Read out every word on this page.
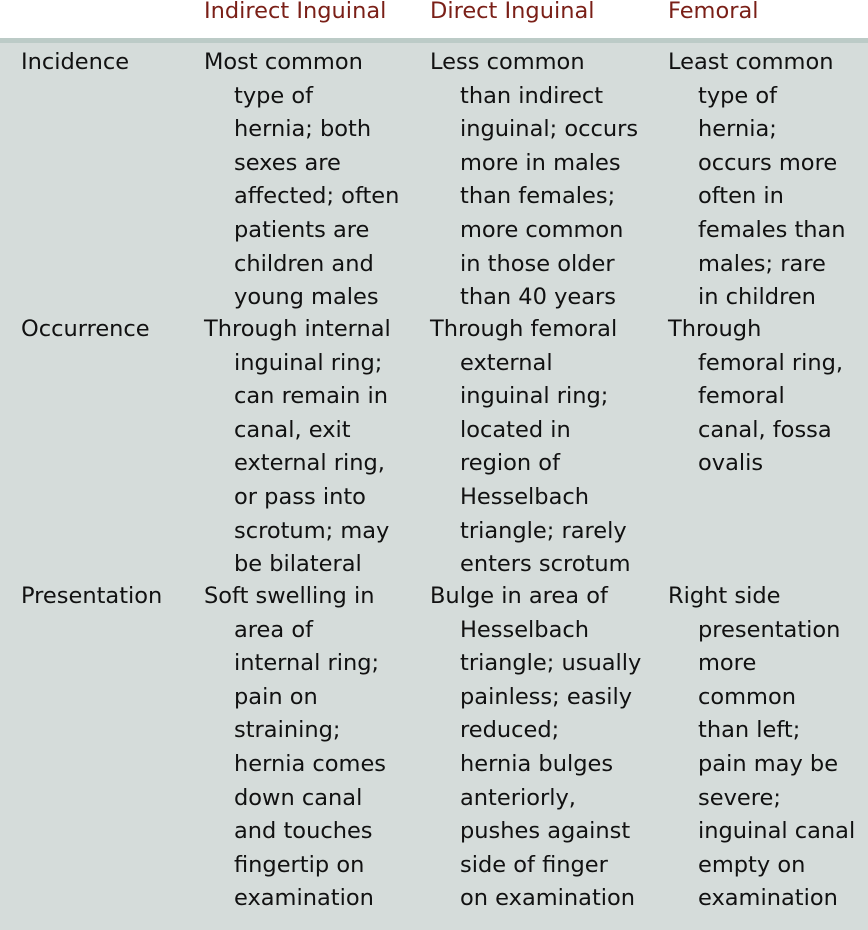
Indirect Inguinal Direct Inguinal	Femoral
Incidence	Most common
type of
hernia; both
sexes are
affected; often
patients are
children and
young males
Less common
than indirect
inguinal; occurs
more in males
than females;
more common
in those older
than 40 years
Least common
type of
hernia;
occurs more
often in
females than
males; rare
in children
Occurrence Through internal
inguinal ring;
can remain in
canal, exit
external ring,
or pass into
scrotum; may
be bilateral
Through femoral
external
inguinal ring;
located in
region of
Hesselbach
triangle; rarely
enters scrotum
Through
femoral ring,
femoral
canal, fossa
ovalis
Presentation Soft swelling in
area of
internal ring;
pain on
straining;
hernia comes
down canal
and touches
fingertip on
examination
Bulge in area of
Hesselbach
triangle; usually
painless; easily
reduced;
hernia bulges
anteriorly,
pushes against
side of finger
on examination
Right side
presentation
more
common
than left;
pain may be
severe;
inguinal canal
empty on
examination
